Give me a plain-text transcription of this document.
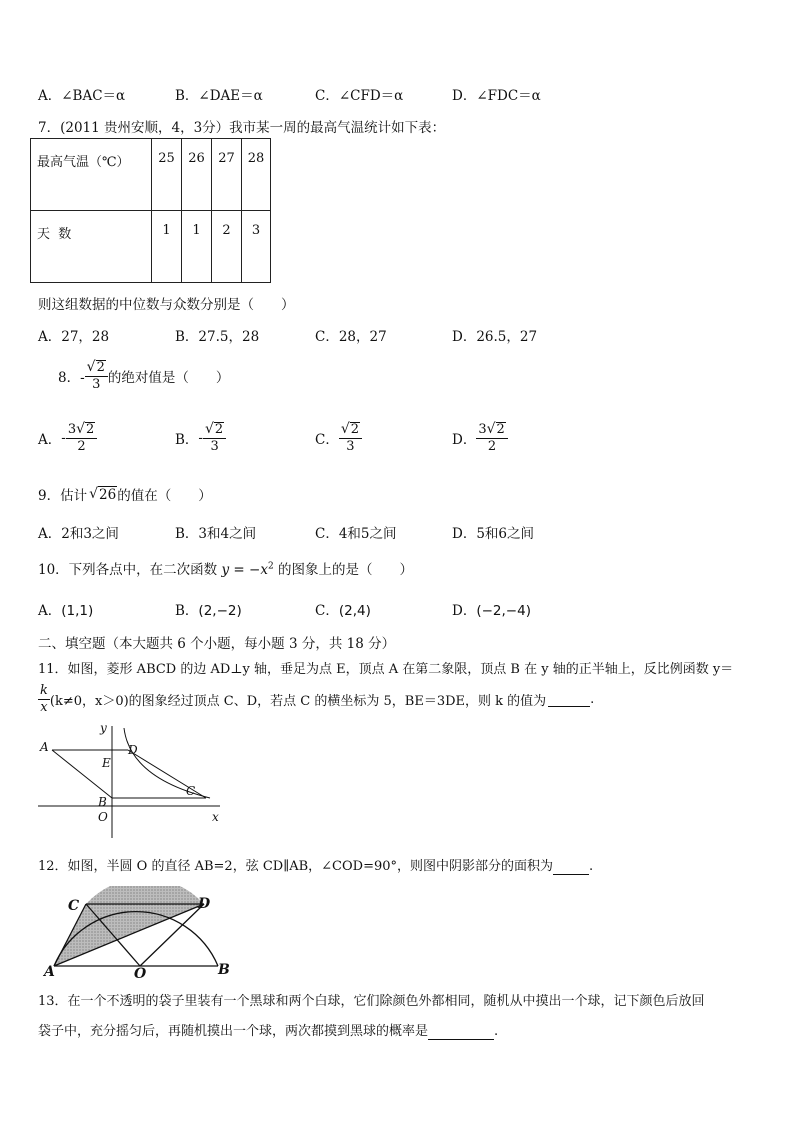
A．∠BAC＝α	B．∠DAE＝α	C．∠CFD＝α	D．∠FDC＝α
7．(2011 贵州安顺，4，3分）我市某一周的最高气温统计如下表：
最高气温（℃）	25	26	27	28
天  数	1	1	2	3
则这组数据的中位数与众数分别是（　　）
A．27，28	B．27.5，28	C．28，27	D．26.5，27
8．- $\frac{√2}{3}$ 的绝对值是（　　）
A． - $\frac{3√2}{2}$	B． - $\frac{√2}{3}$	C． $\frac{√2}{3}$	D． $\frac{3√2}{2}$
9．估计 √ 26 的值在（　　）
A．2和3之间	B．3和4之间	C．4和5之间	D．5和6之间
10．下列各点中，在二次函数 $y = -x^2$ 的图象上的是（　　）
A．(1,1)	B．(2,−2)	C．(2,4)	D．(−2,−4)
二、填空题（本大题共 6 个小题，每小题 3 分，共 18 分）
11．如图，菱形 ABCD 的边 AD⊥y 轴，垂足为点 E，顶点 A 在第二象限，顶点 B 在 y 轴的正半轴上，反比例函数 y＝
$\frac{k}{x} (k\ne 0$，x＞0)的图象经过顶点 C、D，若点 C 的横坐标为 5，BE＝3DE，则 k 的值为
	.
A	D
E
C
B
O	x
y
12．如图，半圆 O 的直径 AB=2，弦 CD∥AB，∠COD=90°，则图中阴影部分的面积为	.
C	D
A	O	B
13．在一个不透明的袋子里装有一个黑球和两个白球，它们除颜色外都相同，随机从中摸出一个球，记下颜色后放回
袋子中，充分摇匀后，再随机摸出一个球，两次都摸到黑球的概率是	.
